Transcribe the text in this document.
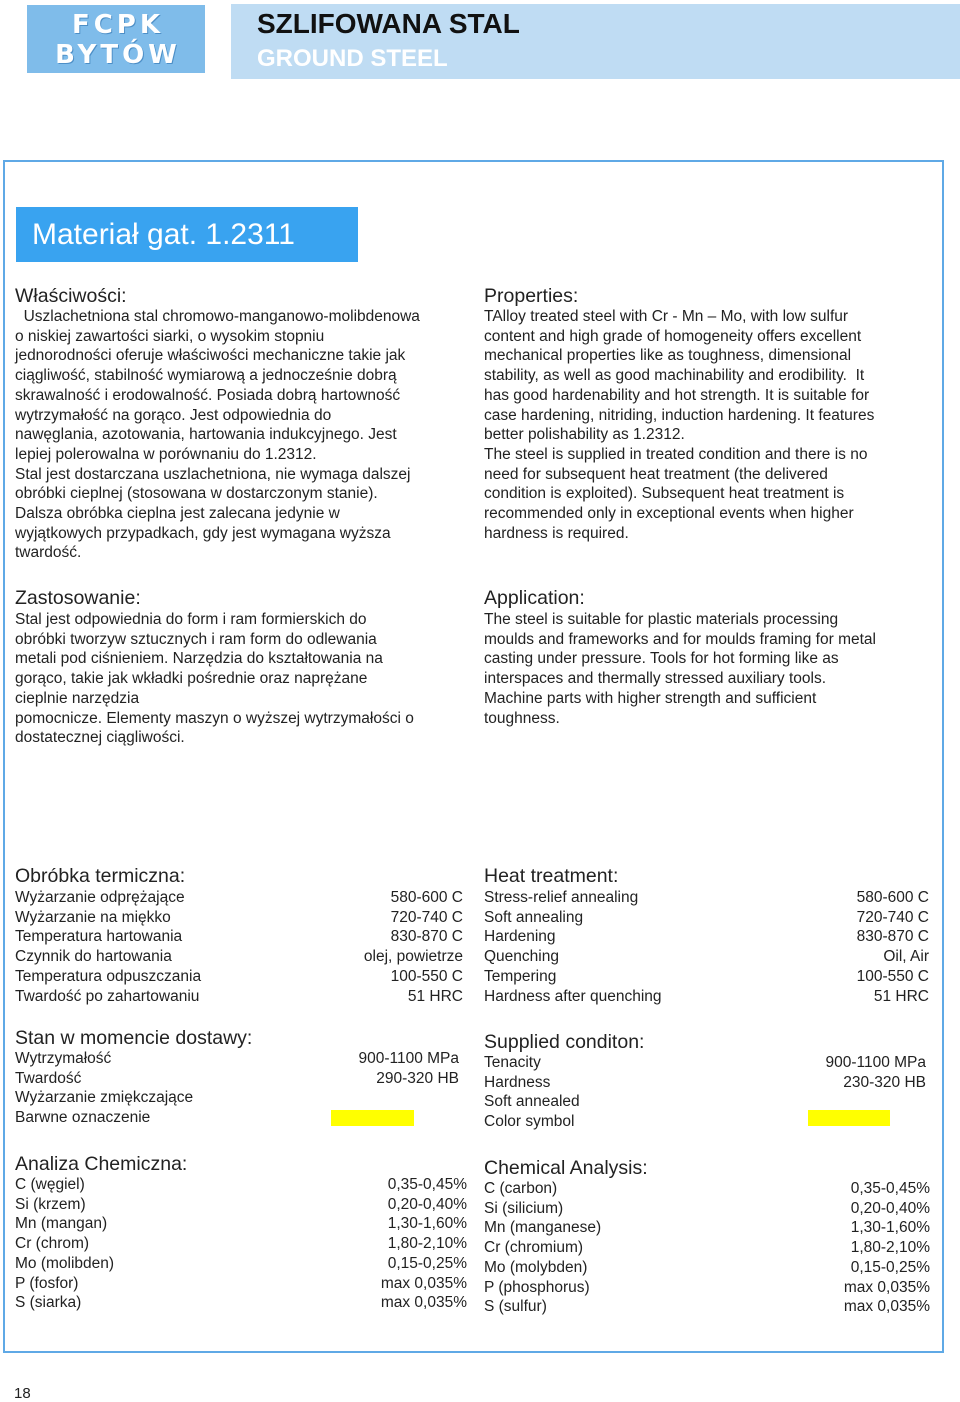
FCPK
BYTÓW
SZLIFOWANA STAL
GROUND STEEL
Materiał gat. 1.2311
Właściwości:
Uszlachetniona stal chromowo-manganowo-molibdenowa
o niskiej zawartości siarki, o wysokim stopniu
jednorodności oferuje właściwości mechaniczne takie jak
ciągliwość, stabilność wymiarową a jednocześnie dobrą
skrawalność i erodowalność. Posiada dobrą hartowność
wytrzymałość na gorąco. Jest odpowiednia do
nawęglania, azotowania, hartowania indukcyjnego. Jest
lepiej polerowalna w porównaniu do 1.2312.
Stal jest dostarczana uszlachetniona, nie wymaga dalszej
obróbki cieplnej (stosowana w dostarczonym stanie).
Dalsza obróbka cieplna jest zalecana jedynie w
wyjątkowych przypadkach, gdy jest wymagana wyższa
twardość.
Zastosowanie:
Stal jest odpowiednia do form i ram formierskich do
obróbki tworzyw sztucznych i ram form do odlewania
metali pod ciśnieniem. Narzędzia do kształtowania na
gorąco, takie jak wkładki pośrednie oraz naprężane
cieplnie narzędzia
pomocnicze. Elementy maszyn o wyższej wytrzymałości o
dostatecznej ciągliwości.
Obróbka termiczna:
Wyżarzanie odprężające	580-600 C
Wyżarzanie na miękko	720-740 C
Temperatura hartowania	830-870 C
Czynnik do hartowania	olej, powietrze
Temperatura odpuszczania	100-550 C
Twardość po zahartowaniu	51 HRC
Stan w momencie dostawy:
Wytrzymałość	900-1100 MPa
Twardość	290-320 HB
Wyżarzanie zmiękczające
Barwne oznaczenie
Analiza Chemiczna:
C (węgiel)	0,35-0,45%
Si (krzem)	0,20-0,40%
Mn (mangan)	1,30-1,60%
Cr (chrom)	1,80-2,10%
Mo (molibden)	0,15-0,25%
P (fosfor)	max 0,035%
S (siarka)	max 0,035%
Properties:
TAlloy treated steel with Cr - Mn – Mo, with low sulfur
content and high grade of homogeneity offers excellent
mechanical properties like as toughness, dimensional
stability, as well as good machinability and erodibility.  It
has good hardenability and hot strength. It is suitable for
case hardening, nitriding, induction hardening. It features
better polishability as 1.2312.
The steel is supplied in treated condition and there is no
need for subsequent heat treatment (the delivered
condition is exploited). Subsequent heat treatment is
recommended only in exceptional events when higher
hardness is required.
Application:
The steel is suitable for plastic materials processing
moulds and frameworks and for moulds framing for metal
casting under pressure. Tools for hot forming like as
interspaces and thermally stressed auxiliary tools.
Machine parts with higher strength and sufficient
toughness.
Heat treatment:
Stress-relief annealing	580-600 C
Soft annealing	720-740 C
Hardening	830-870 C
Quenching	Oil, Air
Tempering	100-550 C
Hardness after quenching	51 HRC
Supplied conditon:
Tenacity	900-1100 MPa
Hardness	230-320 HB
Soft annealed
Color symbol
Chemical Analysis:
C (carbon)	0,35-0,45%
Si (silicium)	0,20-0,40%
Mn (manganese)	1,30-1,60%
Cr (chromium)	1,80-2,10%
Mo (molybden)	0,15-0,25%
P (phosphorus)	max 0,035%
S (sulfur)	max 0,035%
18
